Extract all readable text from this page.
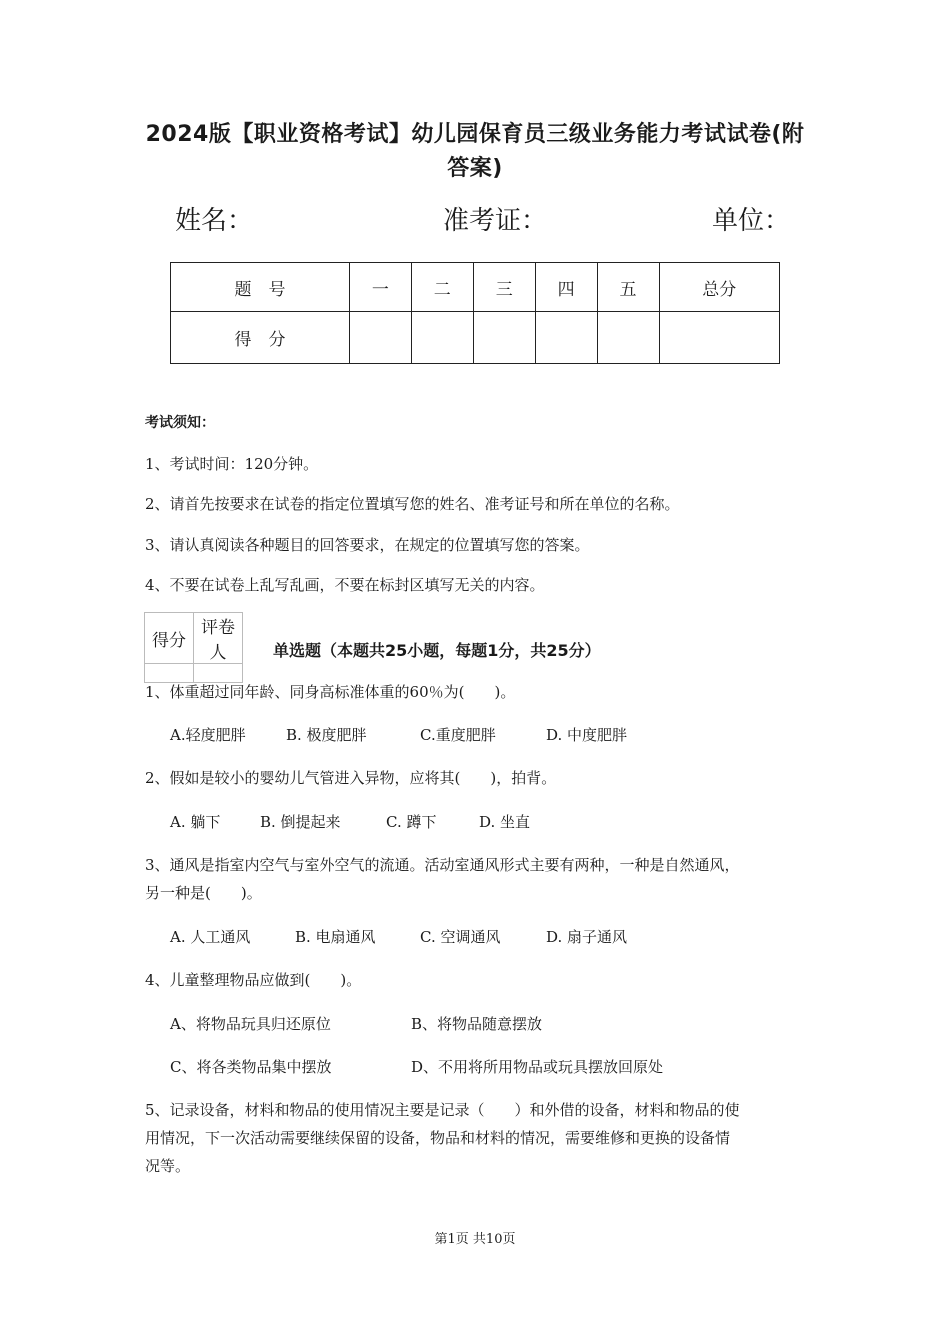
2024版【职业资格考试】幼儿园保育员三级业务能力考试试卷(附
答案)
姓名：	准考证：	单位：
题　号	一	二	三	四	五	总分
得　分						
考试须知：
1、考试时间：120分钟。
2、请首先按要求在试卷的指定位置填写您的姓名、准考证号和所在单位的名称。
3、请认真阅读各种题目的回答要求，在规定的位置填写您的答案。
4、不要在试卷上乱写乱画，不要在标封区填写无关的内容。
得分	评卷人
		单选题（本题共25小题，每题1分，共25分）
1、体重超过同年龄、同身高标准体重的60％为(　　)。
A.轻度肥胖	B. 极度肥胖	C.重度肥胖	D. 中度肥胖
2、假如是较小的婴幼儿气管进入异物，应将其(　　)，拍背。
A. 躺下	B. 倒提起来	C. 蹲下	D. 坐直
3、通风是指室内空气与室外空气的流通。活动室通风形式主要有两种，一种是自然通风，
另一种是(　　)。
A. 人工通风	B. 电扇通风	C. 空调通风	D. 扇子通风
4、儿童整理物品应做到(　　)。
A、将物品玩具归还原位	B、将物品随意摆放
C、将各类物品集中摆放	D、不用将所用物品或玩具摆放回原处
5、记录设备，材料和物品的使用情况主要是记录（　　）和外借的设备，材料和物品的使
用情况，下一次活动需要继续保留的设备，物品和材料的情况，需要维修和更换的设备情
况等。
第1页 共10页
